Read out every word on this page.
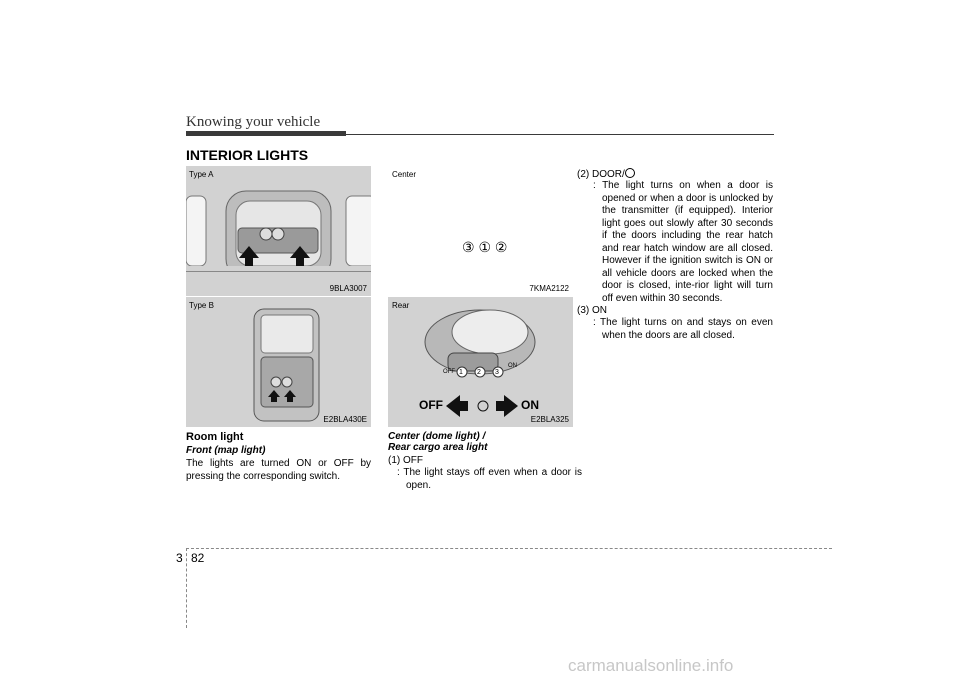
Knowing your vehicle
INTERIOR LIGHTS
Type A
9BLA3007
Type B
E2BLA430E
Center
③ ① ②
7KMA2122
Rear
OFF
ON
1 2 3
OFF	ON
E2BLA325
Room light
Front (map light)
The lights are turned ON or OFF by pressing the corresponding switch.
Center (dome light) /
Rear cargo area light
(1) OFF
: The light stays off even when a door is open.
(2) DOOR/
: The light turns on when a door is opened or when a door is unlocked by the transmitter (if equipped). Interior light goes out slowly after 30 seconds if the doors including the rear hatch and rear hatch window are all closed. However if the ignition switch is ON or all vehicle doors are locked when the door is closed, inte-rior light will turn off even within 30 seconds.
(3) ON
: The light turns on and stays on even when the doors are all closed.
3 82
carmanualsonline.info
